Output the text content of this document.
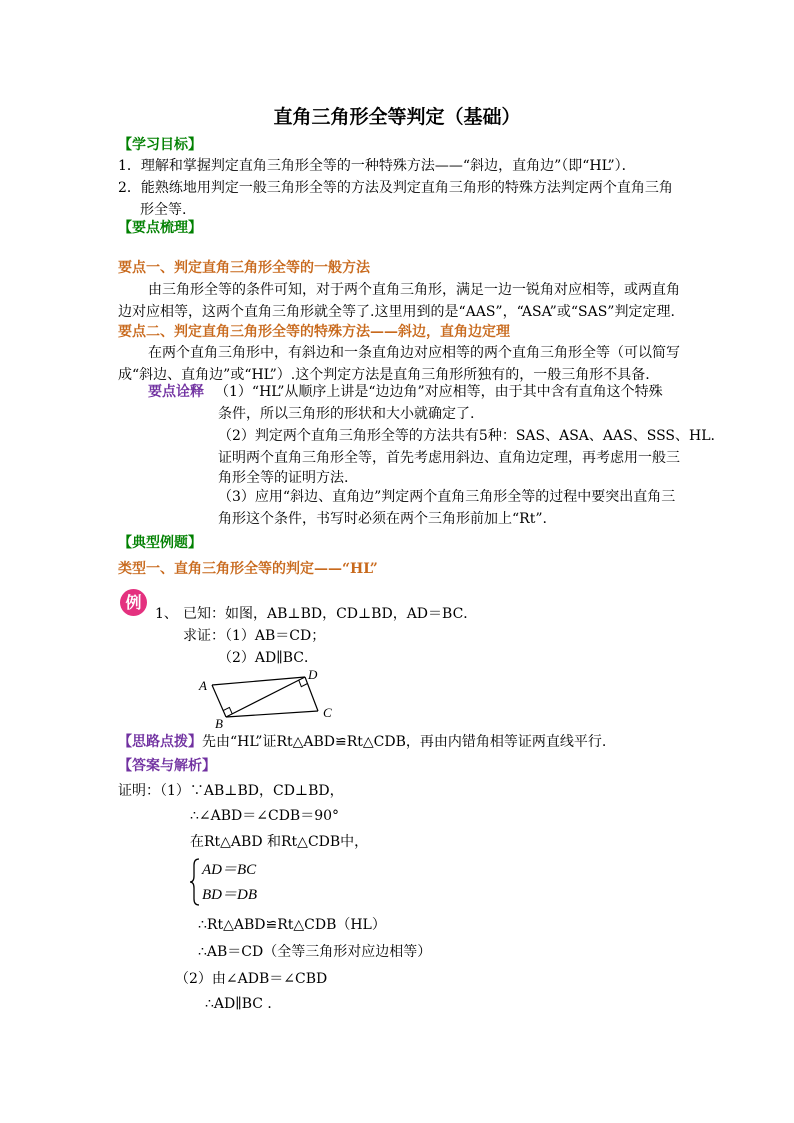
直角三角形全等判定（基础）
【学习目标】
1．理解和掌握判定直角三角形全等的一种特殊方法——“斜边，直角边”（即“HL”）．
2．能熟练地用判定一般三角形全等的方法及判定直角三角形的特殊方法判定两个直角三角
形全等.
【要点梳理】
要点一、判定直角三角形全等的一般方法
由三角形全等的条件可知，对于两个直角三角形，满足一边一锐角对应相等，或两直角
边对应相等，这两个直角三角形就全等了.这里用到的是“AAS”，“ASA”或“SAS”判定定理.
要点二、判定直角三角形全等的特殊方法——斜边，直角边定理
在两个直角三角形中，有斜边和一条直角边对应相等的两个直角三角形全等（可以简写
成“斜边、直角边”或“HL”）.这个判定方法是直角三角形所独有的，一般三角形不具备.
要点诠释 （1）“HL”从顺序上讲是“边边角”对应相等，由于其中含有直角这个特殊
条件，所以三角形的形状和大小就确定了.
（2）判定两个直角三角形全等的方法共有5种：SAS、ASA、AAS、SSS、HL.
证明两个直角三角形全等，首先考虑用斜边、直角边定理，再考虑用一般三
角形全等的证明方法.
（3）应用“斜边、直角边”判定两个直角三角形全等的过程中要突出直角三
角形这个条件，书写时必须在两个三角形前加上“Rt”.
【典型例题】
类型一、直角三角形全等的判定——“HL”
例
1、 已知：如图，AB⊥BD，CD⊥BD，AD＝BC．
求证：（1）AB＝CD；
（2）AD∥BC．
A
D
C
B
【思路点拨】 先由“HL”证Rt△ABD≌Rt△CDB，再由内错角相等证两直线平行.
【答案与解析】
证明：（1）∵AB⊥BD，CD⊥BD，
∴∠ABD＝∠CDB＝90°
在Rt△ABD 和Rt△CDB中，
AD＝BC
BD＝DB
∴Rt△ABD≌Rt△CDB（HL）
∴AB＝CD（全等三角形对应边相等）
（2）由∠ADB＝∠CBD
∴AD∥BC ．
